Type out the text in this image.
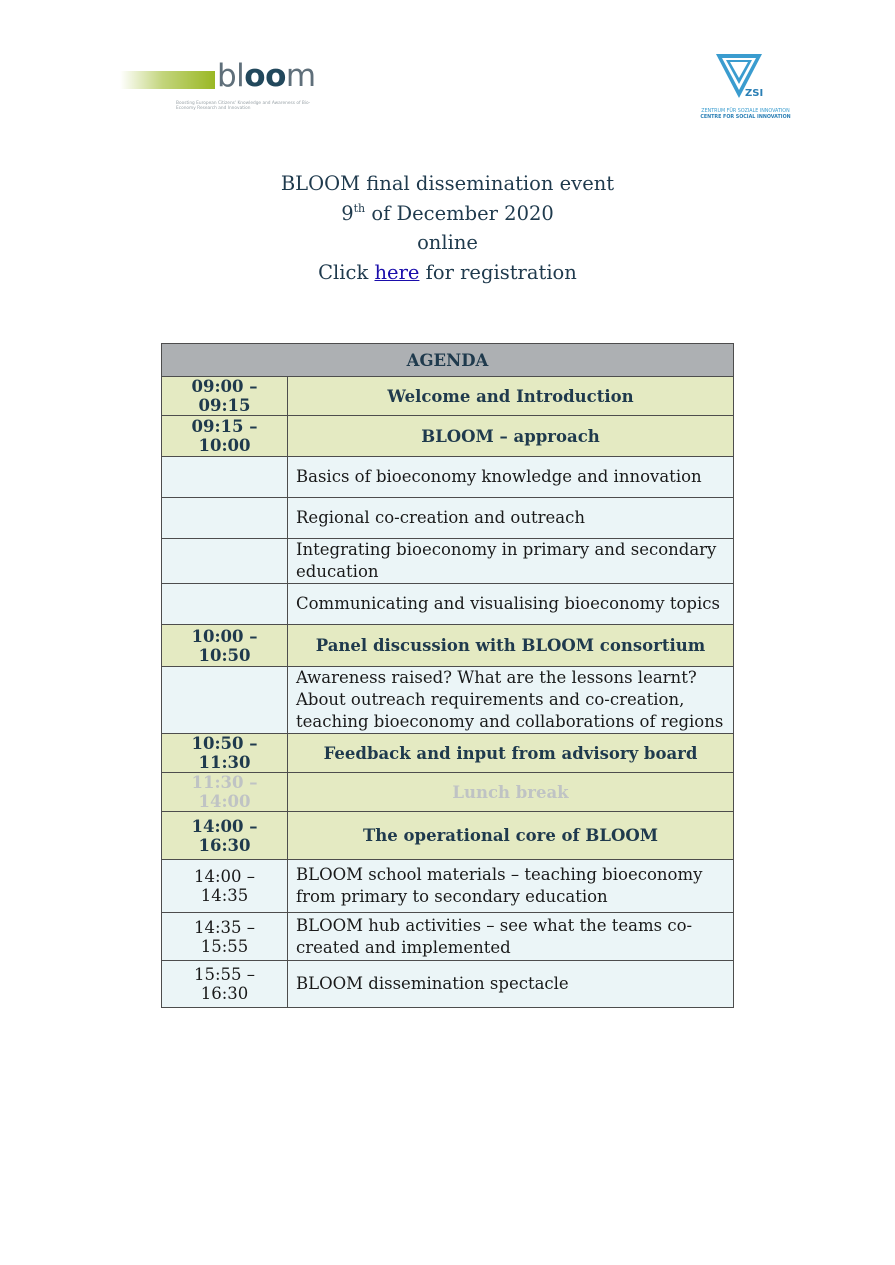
bloom
Boosting European Citizens' Knowledge and Awareness of Bio-Economy Research and Innovation
ZSI
ZENTRUM FÜR SOZIALE INNOVATION
CENTRE FOR SOCIAL INNOVATION
BLOOM final dissemination event
9th of December 2020
online
Click here for registration
AGENDA	
09:00 – 09:15	Welcome and Introduction
09:15 – 10:00	BLOOM – approach
	Basics of bioeconomy knowledge and innovation
	Regional co-creation and outreach
	Integrating bioeconomy in primary and secondary education
	Communicating and visualising bioeconomy topics
10:00 – 10:50	Panel discussion with BLOOM consortium

	Awareness raised? What are the lessons learnt?
About outreach requirements and co-creation, teaching bioeconomy and collaborations of regions

10:50 – 11:30	Feedback and input from advisory board
11:30 – 14:00	Lunch break
14:00 – 16:30	The operational core of BLOOM
14:00 – 14:35	BLOOM school materials – teaching bioeconomy from primary to secondary education
14:35 – 15:55	BLOOM hub activities – see what the teams co-created and implemented
15:55 – 16:30	BLOOM dissemination spectacle
